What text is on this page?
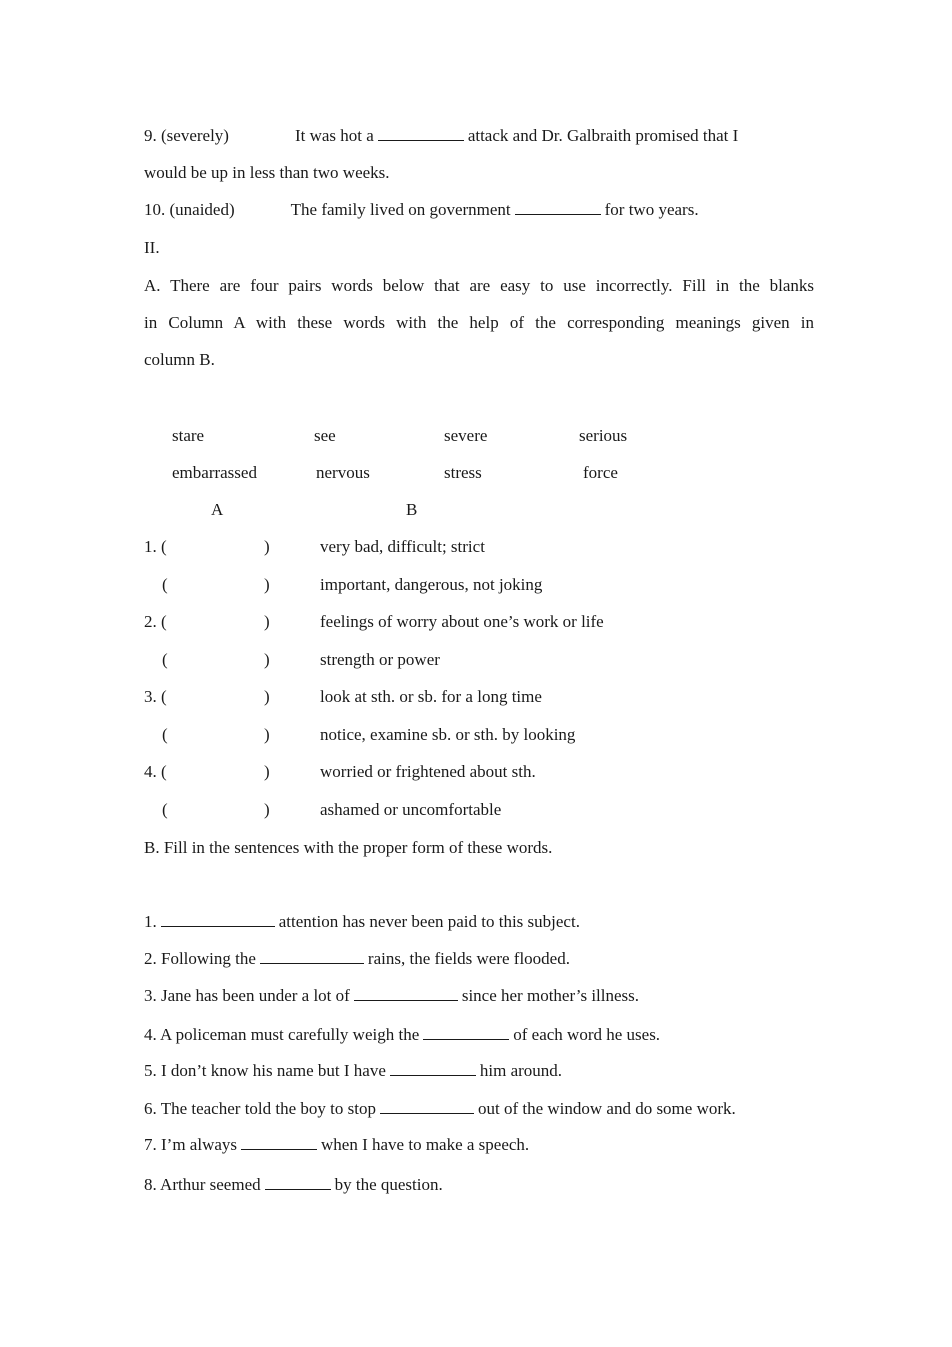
9. (severely)	It was hot a	attack and Dr. Galbraith promised that I
would be up in less than two weeks.
10. (unaided)	The family lived on government	for two years.
II.
A. There are four pairs words below that are easy to use incorrectly. Fill in the blanks
in Column A with these words with the help of the corresponding meanings given in
column B.
stare	see	severe	serious
embarrassed	nervous	stress	force
A	B
1. (	)	very bad, difficult; strict
(	)	important, dangerous, not joking
2. (	)	feelings of worry about one’s work or life
(	)	strength or power
3. (	)	look at sth. or sb. for a long time
(	)	notice, examine sb. or sth. by looking
4. (	)	worried or frightened about sth.
(	)	ashamed or uncomfortable
B. Fill in the sentences with the proper form of these words.
1.	attention has never been paid to this subject.
2. Following the	rains, the fields were flooded.
3. Jane has been under a lot of	since her mother’s illness.
4. A policeman must carefully weigh the	of each word he uses.
5. I don’t know his name but I have	him around.
6. The teacher told the boy to stop	out of the window and do some work.
7. I’m always	when I have to make a speech.
8. Arthur seemed	by the question.
